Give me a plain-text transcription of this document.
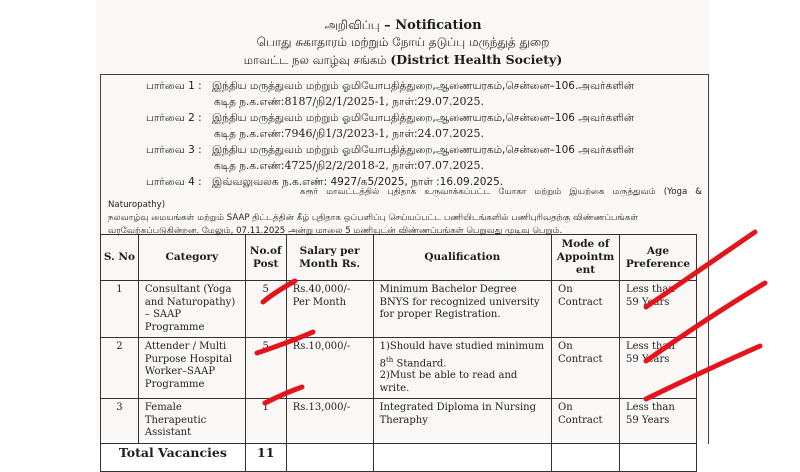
அறிவிப்பு – Notification
பொது சுகாதாரம் மற்றும் நோய் தடுப்பு மருந்துத் துறை
மாவட்ட நல வாழ்வு சங்கம் (District Health Society)
பார்வை 1 : இந்திய மருத்துவம் மற்றும் ஓமியோபதித்துறை,ஆணையரகம்,சென்னை–106.அவர்களின்
கடித ந.க.எண்:8187/நி2/1/2025-1, நாள்:29.07.2025.
பார்வை 2 : இந்திய மருத்துவம் மற்றும் ஓமியோபதித்துறை,ஆணையரகம்,சென்னை–106 அவர்களின்
கடித ந.க.எண்:7946/நி1/3/2023-1, நாள்:24.07.2025.
பார்வை 3 : இந்திய மருத்துவம் மற்றும் ஓமியோபதித்துறை,ஆணையரகம்,சென்னை–106 அவர்களின்
கடித ந.க.எண்:4725/நி2/2/2018-2, நாள்:07.07.2025.
பார்வை 4 : இவ்வலுவலக ந.க.எண்: 4927/க5/2025, நாள் :16.09.2025.
கரூர் மாவட்டத்தில் புதிதாக உருவாக்கப்பட்ட யோகா மற்றும் இயற்கை மருத்துவம் (Yoga & Naturopathy)
நலவாழ்வு மையங்கள் மற்றும் SAAP திட்டத்தின் கீழ் புதிதாக ஒப்பளிப்பு செய்யப்பட்ட பணியிடங்களில் பணிபுரிவதற்கு விண்ணப்பங்கள்
வரவேற்கப்படுகின்றன. மேலும், 07.11.2025 அன்று மாலை 5 மணியுடன் விண்ணப்பங்கள் பெறுவது முடிவு பெறும்.
S. No	Category	No.of Post	Salary per Month Rs.	Qualification	Mode of Appointm ent	Age Preference
1	Consultant (Yoga and Naturopathy) – SAAP Programme	5	Rs.40,000/- Per Month	Minimum Bachelor Degree BNYS for recognized university for proper Registration.	On Contract	Less than 59 Years
2	Attender / Multi Purpose Hospital Worker–SAAP Programme	5	Rs.10,000/-	1)Should have studied minimum 8th Standard.
2)Must be able to read and write.	On Contract	Less than 59 Years
3	Female Therapeutic Assistant	1	Rs.13,000/-	Integrated Diploma in Nursing Theraphy	On Contract	Less than 59 Years
Total Vacancies		11				
